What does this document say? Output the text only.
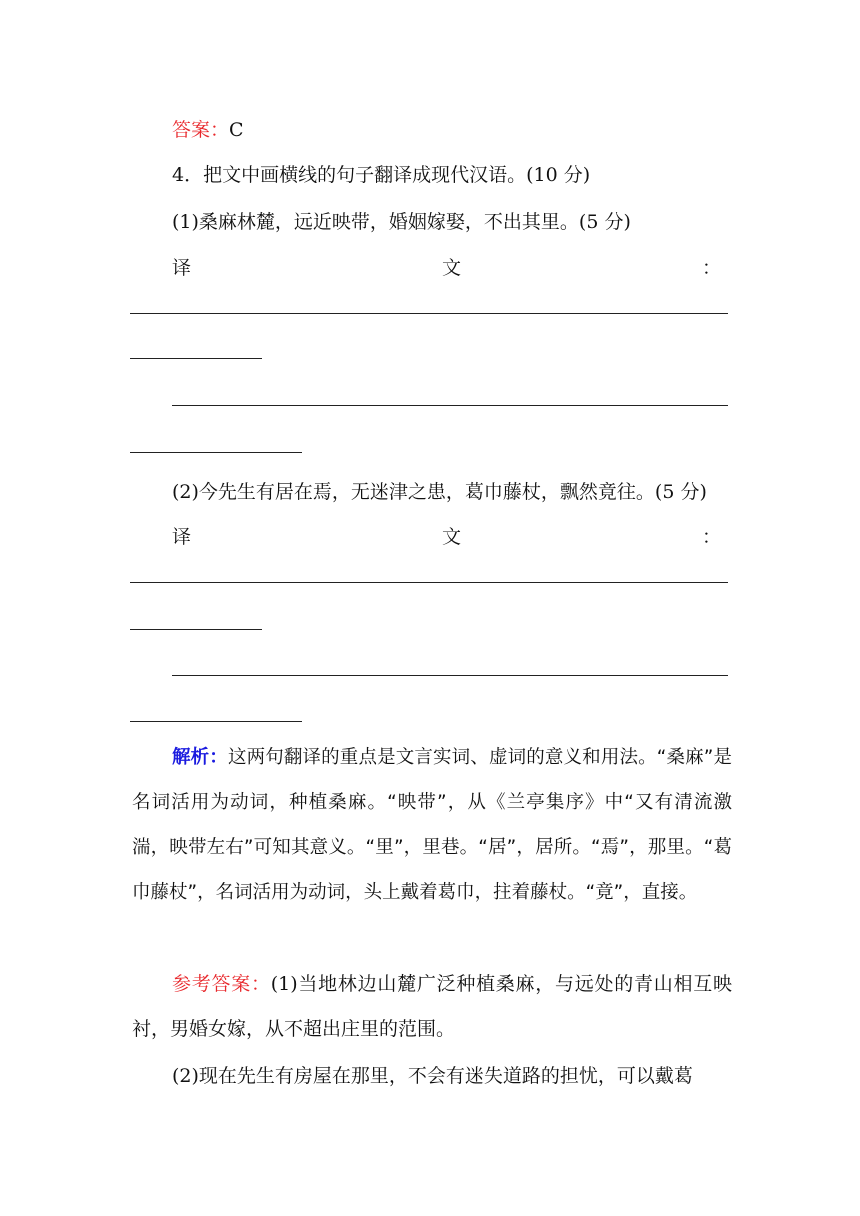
答案：C
4．把文中画横线的句子翻译成现代汉语。(10 分)
(1)桑麻林麓，远近映带，婚姻嫁娶，不出其里。(5 分)
译	文	：
(2)今先生有居在焉，无迷津之患，葛巾藤杖，飘然竟往。(5 分)
译	文	：
解析：这两句翻译的重点是文言实词、虚词的意义和用法。“桑麻”是名词活用为动词，种植桑麻。“映带”，从《兰亭集序》中“又有清流激湍，映带左右”可知其意义。“里”，里巷。“居”，居所。“焉”，那里。“葛巾藤杖”，名词活用为动词，头上戴着葛巾，拄着藤杖。“竟”，直接。
参考答案：(1)当地林边山麓广泛种植桑麻，与远处的青山相互映衬，男婚女嫁，从不超出庄里的范围。
(2)现在先生有房屋在那里，不会有迷失道路的担忧，可以戴葛
